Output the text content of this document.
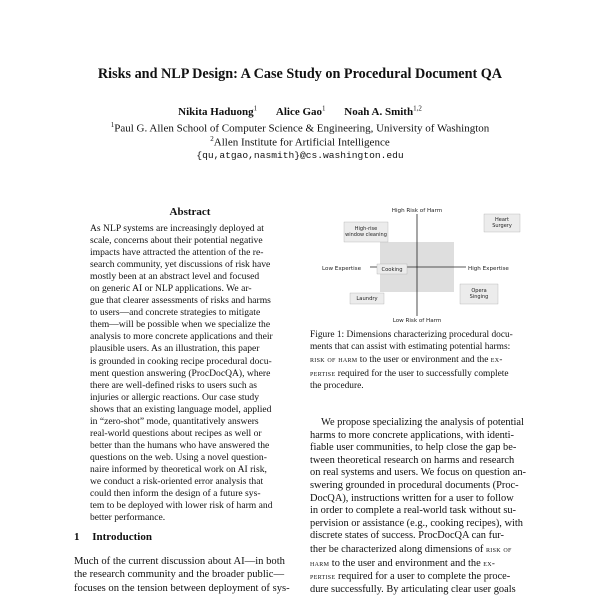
Risks and NLP Design: A Case Study on Procedural Document QA
Nikita Haduong$^1$ Alice Gao$^1$ Noah A. Smith$^{1,2}$
$^1$Paul G. Allen School of Computer Science & Engineering, University of Washington
$^2$Allen Institute for Artificial Intelligence
{qu,atgao,nasmith}@cs.washington.edu
Abstract
As NLP systems are increasingly deployed at
scale, concerns about their potential negative
impacts have attracted the attention of the re-
search community, yet discussions of risk have
mostly been at an abstract level and focused
on generic AI or NLP applications. We ar-
gue that clearer assessments of risks and harms
to users—and concrete strategies to mitigate
them—will be possible when we specialize the
analysis to more concrete applications and their
plausible users. As an illustration, this paper
is grounded in cooking recipe procedural docu-
ment question answering (ProcDocQA), where
there are well-defined risks to users such as
injuries or allergic reactions. Our case study
shows that an existing language model, applied
in “zero-shot” mode, quantitatively answers
real-world questions about recipes as well or
better than the humans who have answered the
questions on the web. Using a novel question-
naire informed by theoretical work on AI risk,
we conduct a risk-oriented error analysis that
could then inform the design of a future sys-
tem to be deployed with lower risk of harm and
better performance.
1 Introduction
Much of the current discussion about AI—in both
the research community and the broader public—
focuses on the tension between deployment of sys-
High Risk of Harm
Low Risk of Harm
Low Expertise	High Expertise
High-rise window cleaning
Heart Surgery
Cooking
Laundry
Opera Singing
Figure 1: Dimensions characterizing procedural docu-
ments that can assist with estimating potential harms:
risk of harm to the user or environment and the ex-
pertise required for the user to successfully complete
the procedure.
We propose specializing the analysis of potential
harms to more concrete applications, with identi-
fiable user communities, to help close the gap be-
tween theoretical research on harms and research
on real systems and users. We focus on question an-
swering grounded in procedural documents (Proc-
DocQA), instructions written for a user to follow
in order to complete a real-world task without su-
pervision or assistance (e.g., cooking recipes), with
discrete states of success. ProcDocQA can fur-
ther be characterized along dimensions of risk of
harm to the user and environment and the ex-
pertise required for a user to complete the proce-
dure successfully. By articulating clear user goals
